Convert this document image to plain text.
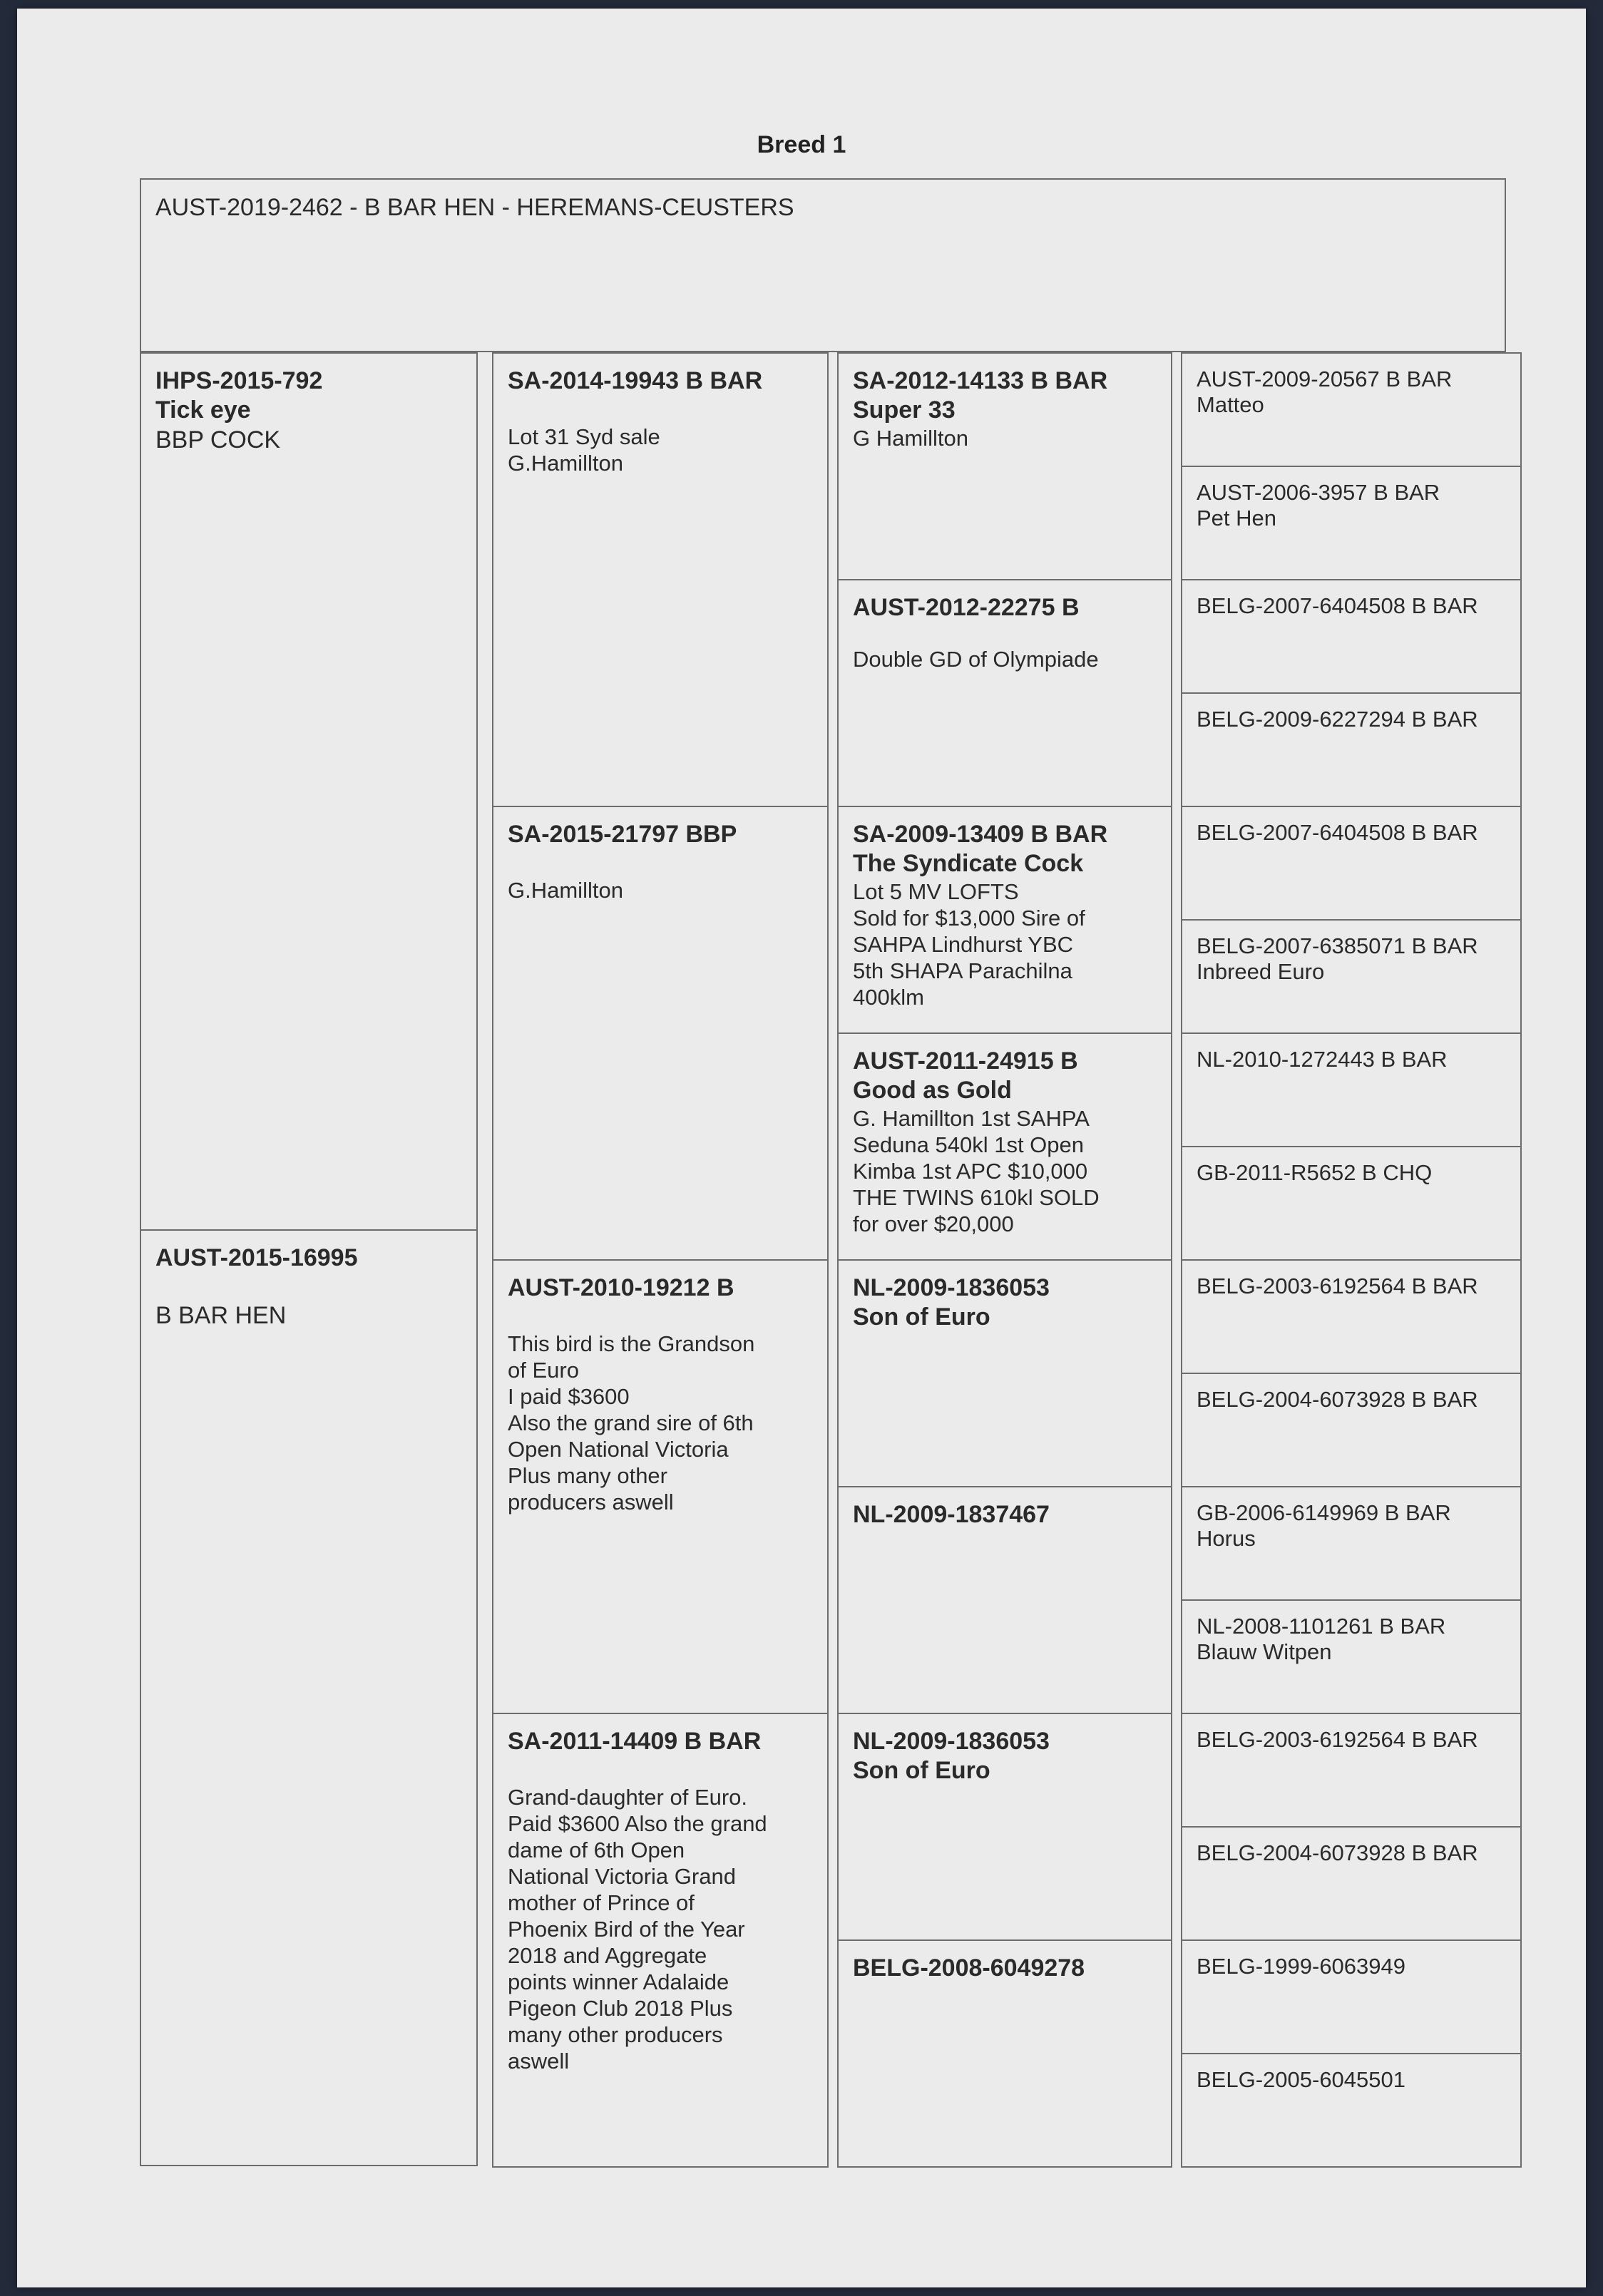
Breed 1
AUST-2019-2462 - B BAR HEN - HEREMANS-CEUSTERS
IHPS-2015-792
Tick eye
BBP COCK
AUST-2015-16995
B BAR HEN
SA-2014-19943 B BAR
Lot 31 Syd sale
G.Hamillton
SA-2015-21797 BBP
G.Hamillton
AUST-2010-19212 B
This bird is the Grandson
of Euro
I paid $3600
Also the grand sire of 6th
Open National Victoria
Plus many other
producers aswell
SA-2011-14409 B BAR
Grand-daughter of Euro.
Paid $3600 Also the grand
dame of 6th Open
National Victoria Grand
mother of Prince of
Phoenix Bird of the Year
2018 and Aggregate
points winner Adalaide
Pigeon Club 2018 Plus
many other producers
aswell
SA-2012-14133 B BAR
Super 33
G Hamillton
AUST-2012-22275 B
Double GD of Olympiade
SA-2009-13409 B BAR
The Syndicate Cock
Lot 5 MV LOFTS
Sold for $13,000 Sire of
SAHPA Lindhurst YBC
5th SHAPA Parachilna
400klm
AUST-2011-24915 B
Good as Gold
G. Hamillton 1st SAHPA
Seduna 540kl 1st Open
Kimba 1st APC $10,000
THE TWINS 610kl SOLD
for over $20,000
NL-2009-1836053
Son of Euro
NL-2009-1837467
NL-2009-1836053
Son of Euro
BELG-2008-6049278
AUST-2009-20567 B BAR
Matteo
AUST-2006-3957 B BAR
Pet Hen
BELG-2007-6404508 B BAR
BELG-2009-6227294 B BAR
BELG-2007-6404508 B BAR
BELG-2007-6385071 B BAR
Inbreed Euro
NL-2010-1272443 B BAR
GB-2011-R5652 B CHQ
BELG-2003-6192564 B BAR
BELG-2004-6073928 B BAR
GB-2006-6149969 B BAR
Horus
NL-2008-1101261 B BAR
Blauw Witpen
BELG-2003-6192564 B BAR
BELG-2004-6073928 B BAR
BELG-1999-6063949
BELG-2005-6045501
